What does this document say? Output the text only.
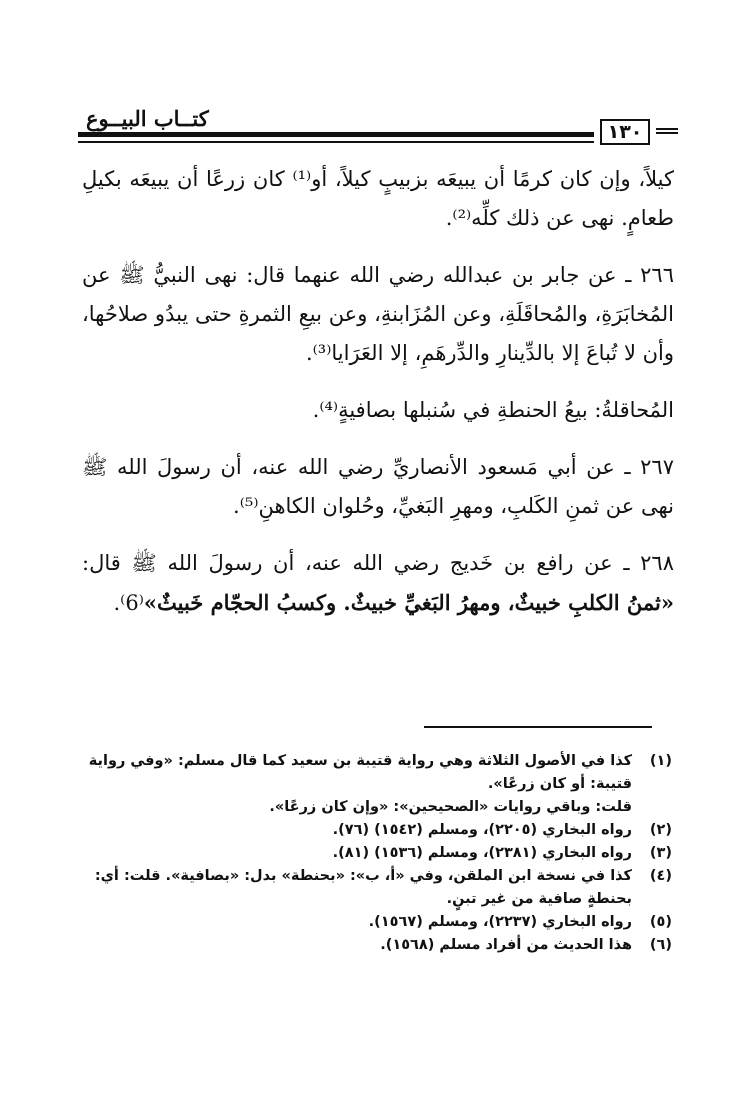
١٣٠
كتــاب البيــوع

كيلاً، وإن كان كرمًا أن يبيعَه بزبيبٍ كيلاً، أو⁽¹⁾ كان زرعًا أن يبيعَه بكيلِ طعامٍ. نهى عن ذلك كلِّه⁽²⁾.

٢٦٦ ـ عن جابر بن عبدالله رضي الله عنهما قال: نهى النبيُّ ﷺ عن المُخابَرَةِ، والمُحاقَلَةِ، وعن المُزَابنةِ، وعن بيعِ الثمرةِ حتى يبدُو صلاحُها، وأن لا تُباعَ إلا بالدِّينارِ والدِّرهَمِ، إلا العَرَايا⁽³⁾.

المُحاقلةُ: بيعُ الحنطةِ في سُنبلها بصافيةٍ⁽⁴⁾.

٢٦٧ ـ عن أبي مَسعود الأنصاريِّ رضي الله عنه، أن رسولَ الله ﷺ نهى عن ثمنِ الكَلبِ، ومهرِ البَغيِّ، وحُلوان الكاهنِ⁽⁵⁾.

٢٦٨ ـ عن رافع بن خَديج رضي الله عنه، أن رسولَ الله ﷺ قال: «ثمنُ الكلبِ خبيثٌ، ومهرُ البَغيِّ خبيثٌ. وكسبُ الحجّام خَبيثٌ»⁽6⁾.

(١)
كذا في الأصول الثلاثة وهي رواية قتيبة بن سعيد كما قال مسلم: «وفي رواية قتيبة: أو كان زرعًا».
قلت: وباقي روايات «الصحيحين»: «وإن كان زرعًا».
(٢)
رواه البخاري (٢٢٠٥)، ومسلم (١٥٤٢) (٧٦).
(٣)
رواه البخاري (٢٣٨١)، ومسلم (١٥٣٦) (٨١).
(٤)
كذا في نسخة ابن الملقن، وفي «أ، ب»: «بحنطة» بدل: «بصافية». قلت: أي: بحنطةٍ صافية من غير تبنٍ.
(٥)
رواه البخاري (٢٢٣٧)، ومسلم (١٥٦٧).
(٦)
هذا الحديث من أفراد مسلم (١٥٦٨).
